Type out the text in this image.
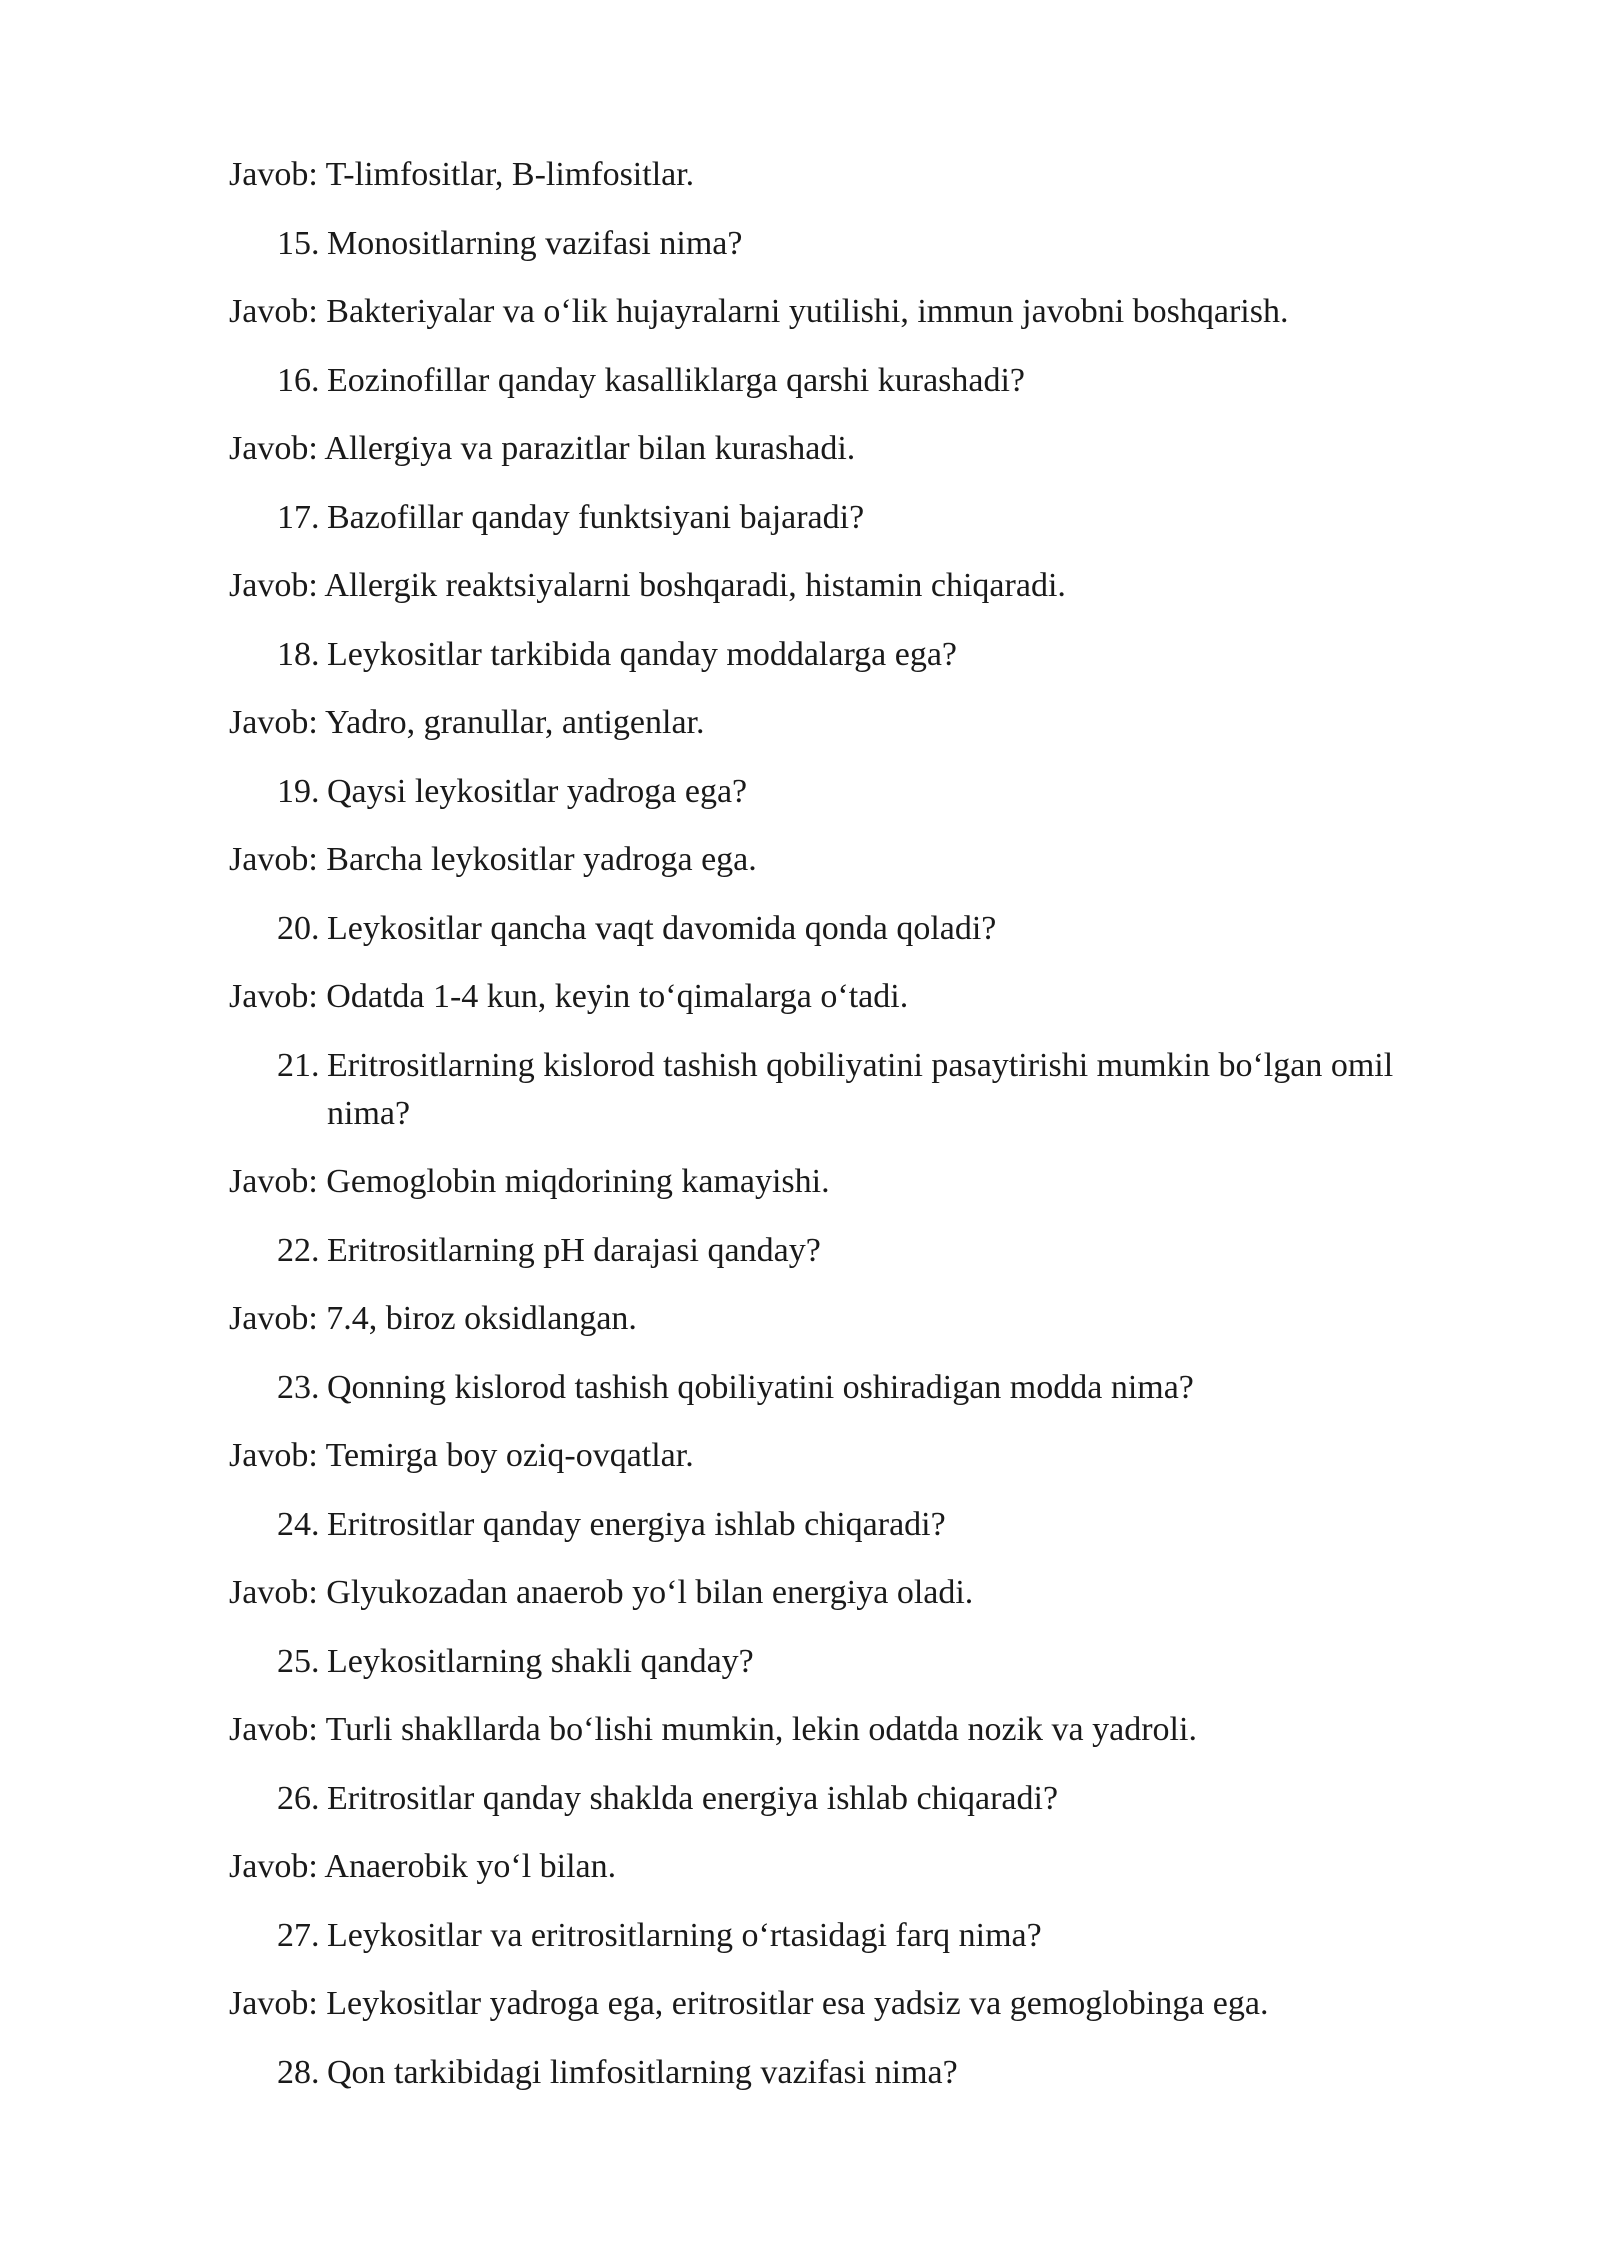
Javob: T-limfositlar, B-limfositlar.
15. Monositlarning vazifasi nima?
Javob: Bakteriyalar va o‘lik hujayralarni yutilishi, immun javobni boshqarish.
16. Eozinofillar qanday kasalliklarga qarshi kurashadi?
Javob: Allergiya va parazitlar bilan kurashadi.
17. Bazofillar qanday funktsiyani bajaradi?
Javob: Allergik reaktsiyalarni boshqaradi, histamin chiqaradi.
18. Leykositlar tarkibida qanday moddalarga ega?
Javob: Yadro, granullar, antigenlar.
19. Qaysi leykositlar yadroga ega?
Javob: Barcha leykositlar yadroga ega.
20. Leykositlar qancha vaqt davomida qonda qoladi?
Javob: Odatda 1-4 kun, keyin to‘qimalarga o‘tadi.
21. Eritrositlarning kislorod tashish qobiliyatini pasaytirishi mumkin bo‘lgan omil nima?
Javob: Gemoglobin miqdorining kamayishi.
22. Eritrositlarning pH darajasi qanday?
Javob: 7.4, biroz oksidlangan.
23. Qonning kislorod tashish qobiliyatini oshiradigan modda nima?
Javob: Temirga boy oziq-ovqatlar.
24. Eritrositlar qanday energiya ishlab chiqaradi?
Javob: Glyukozadan anaerob yo‘l bilan energiya oladi.
25. Leykositlarning shakli qanday?
Javob: Turli shakllarda bo‘lishi mumkin, lekin odatda nozik va yadroli.
26. Eritrositlar qanday shaklda energiya ishlab chiqaradi?
Javob: Anaerobik yo‘l bilan.
27. Leykositlar va eritrositlarning o‘rtasidagi farq nima?
Javob: Leykositlar yadroga ega, eritrositlar esa yadsiz va gemoglobinga ega.
28. Qon tarkibidagi limfositlarning vazifasi nima?
